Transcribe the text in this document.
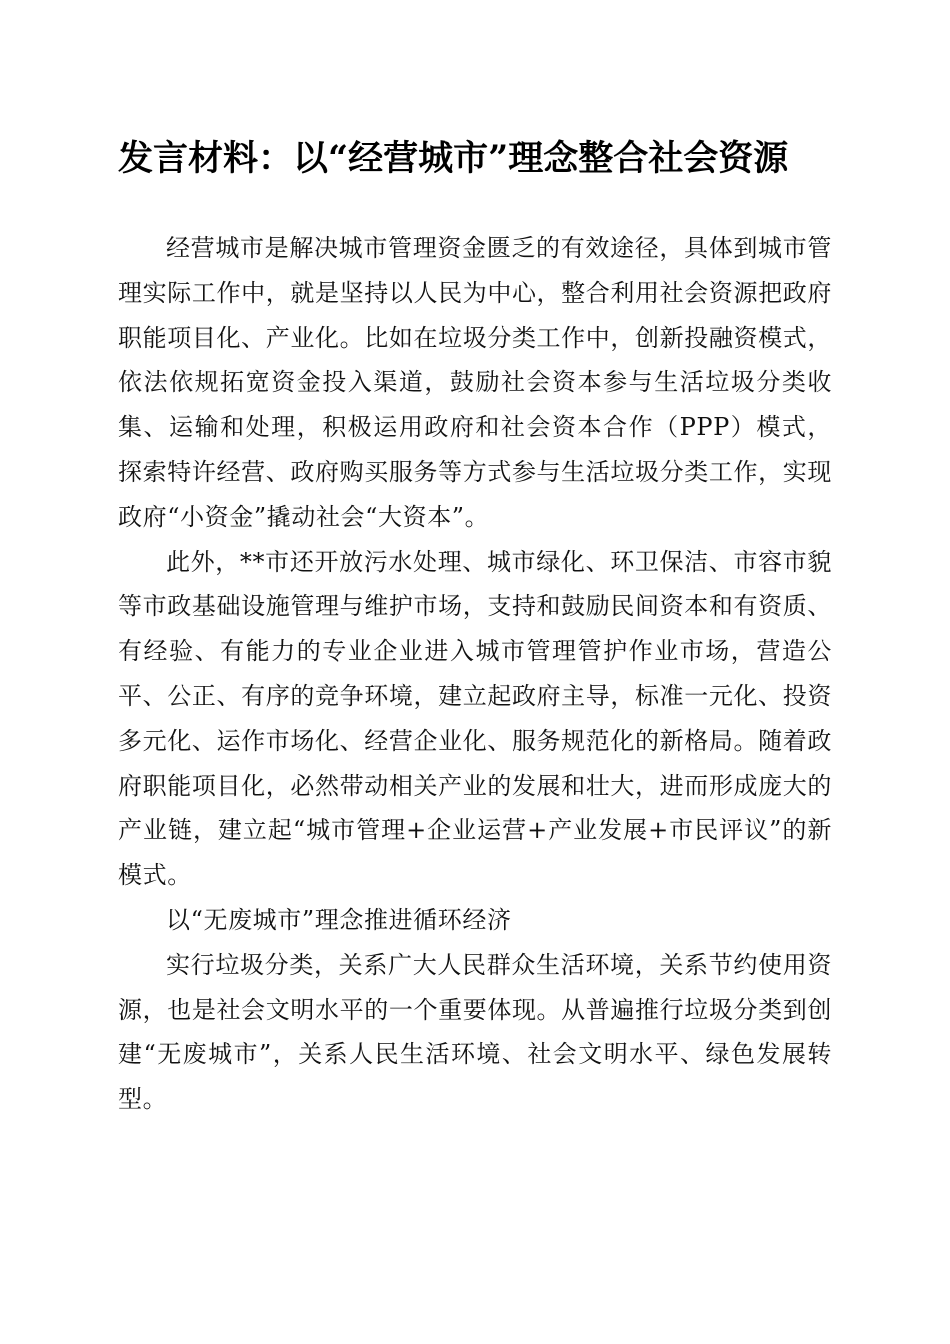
发言材料：以“经营城市”理念整合社会资源

经营城市是解决城市管理资金匮乏的有效途径，具体到城市管理实际工作中，就是坚持以人民为中心，整合利用社会资源把政府职能项目化、产业化。比如在垃圾分类工作中，创新投融资模式，依法依规拓宽资金投入渠道，鼓励社会资本参与生活垃圾分类收集、运输和处理，积极运用政府和社会资本合作（PPP）模式，探索特许经营、政府购买服务等方式参与生活垃圾分类工作，实现政府“小资金”撬动社会“大资本”。

此外，**市还开放污水处理、城市绿化、环卫保洁、市容市貌等市政基础设施管理与维护市场，支持和鼓励民间资本和有资质、有经验、有能力的专业企业进入城市管理管护作业市场，营造公平、公正、有序的竞争环境，建立起政府主导，标准一元化、投资多元化、运作市场化、经营企业化、服务规范化的新格局。随着政府职能项目化，必然带动相关产业的发展和壮大，进而形成庞大的产业链，建立起“城市管理+企业运营+产业发展+市民评议”的新模式。

以“无废城市”理念推进循环经济

实行垃圾分类，关系广大人民群众生活环境，关系节约使用资源，也是社会文明水平的一个重要体现。从普遍推行垃圾分类到创建“无废城市”，关系人民生活环境、社会文明水平、绿色发展转型。
